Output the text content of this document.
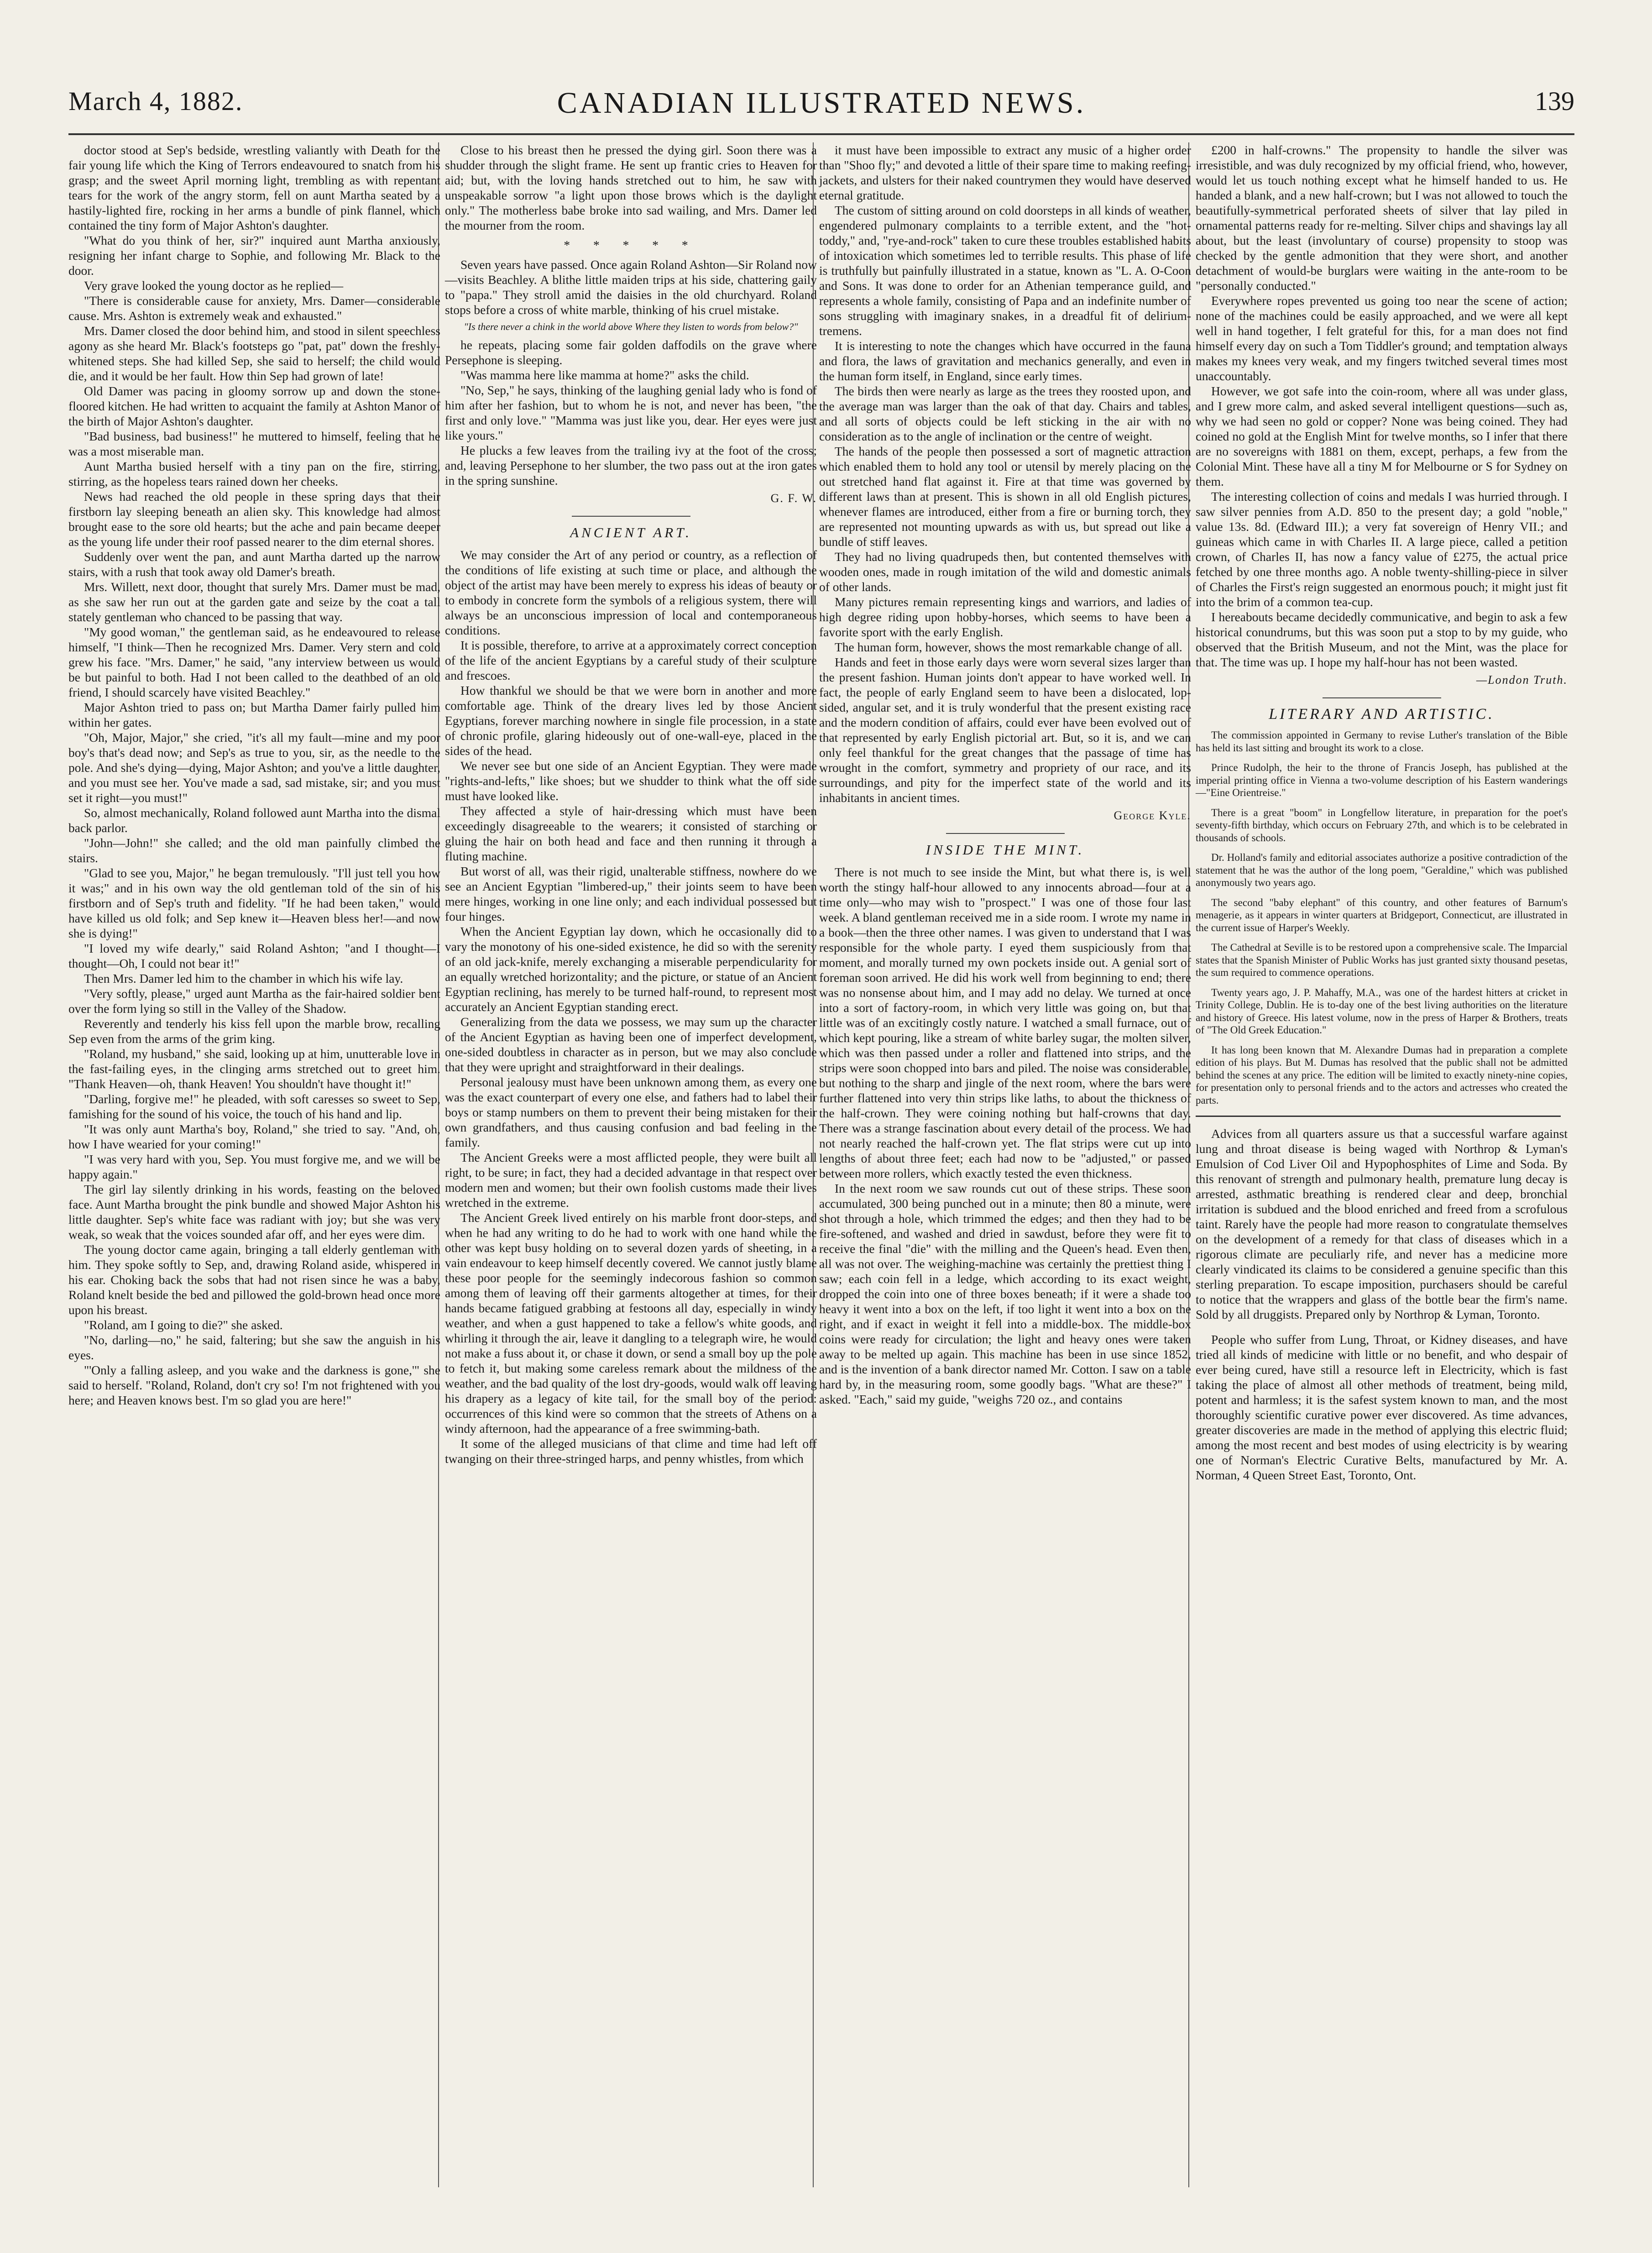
March 4, 1882.	CANADIAN ILLUSTRATED NEWS.	139

doctor stood at Sep's bedside, wrestling valiantly with Death for the fair young life which the King of Terrors endeavoured to snatch from his grasp; and the sweet April morning light, trembling as with repentant tears for the work of the angry storm, fell on aunt Martha seated by a hastily-lighted fire, rocking in her arms a bundle of pink flannel, which contained the tiny form of Major Ashton's daughter.

"What do you think of her, sir?" inquired aunt Martha anxiously, resigning her infant charge to Sophie, and following Mr. Black to the door.

Very grave looked the young doctor as he replied—

"There is considerable cause for anxiety, Mrs. Damer—considerable cause. Mrs. Ashton is extremely weak and exhausted."

Mrs. Damer closed the door behind him, and stood in silent speechless agony as she heard Mr. Black's footsteps go "pat, pat" down the freshly-whitened steps. She had killed Sep, she said to herself; the child would die, and it would be her fault. How thin Sep had grown of late!

Old Damer was pacing in gloomy sorrow up and down the stone-floored kitchen. He had written to acquaint the family at Ashton Manor of the birth of Major Ashton's daughter.

"Bad business, bad business!" he muttered to himself, feeling that he was a most miserable man.

Aunt Martha busied herself with a tiny pan on the fire, stirring, stirring, as the hopeless tears rained down her cheeks.

News had reached the old people in these spring days that their firstborn lay sleeping beneath an alien sky. This knowledge had almost brought ease to the sore old hearts; but the ache and pain became deeper as the young life under their roof passed nearer to the dim eternal shores.

Suddenly over went the pan, and aunt Martha darted up the narrow stairs, with a rush that took away old Damer's breath.

Mrs. Willett, next door, thought that surely Mrs. Damer must be mad, as she saw her run out at the garden gate and seize by the coat a tall stately gentleman who chanced to be passing that way.

"My good woman," the gentleman said, as he endeavoured to release himself, "I think—Then he recognized Mrs. Damer. Very stern and cold grew his face. "Mrs. Damer," he said, "any interview between us would be but painful to both. Had I not been called to the deathbed of an old friend, I should scarcely have visited Beachley."

Major Ashton tried to pass on; but Martha Damer fairly pulled him within her gates.

"Oh, Major, Major," she cried, "it's all my fault—mine and my poor boy's that's dead now; and Sep's as true to you, sir, as the needle to the pole. And she's dying—dying, Major Ashton; and you've a little daughter, and you must see her. You've made a sad, sad mistake, sir; and you must set it right—you must!"

So, almost mechanically, Roland followed aunt Martha into the dismal back parlor.

"John—John!" she called; and the old man painfully climbed the stairs.

"Glad to see you, Major," he began tremulously. "I'll just tell you how it was;" and in his own way the old gentleman told of the sin of his firstborn and of Sep's truth and fidelity. "If he had been taken," would have killed us old folk; and Sep knew it—Heaven bless her!—and now she is dying!"

"I loved my wife dearly," said Roland Ashton; "and I thought—I thought—Oh, I could not bear it!"

Then Mrs. Damer led him to the chamber in which his wife lay.

"Very softly, please," urged aunt Martha as the fair-haired soldier bent over the form lying so still in the Valley of the Shadow.

Reverently and tenderly his kiss fell upon the marble brow, recalling Sep even from the arms of the grim king.

"Roland, my husband," she said, looking up at him, unutterable love in the fast-failing eyes, in the clinging arms stretched out to greet him. "Thank Heaven—oh, thank Heaven! You shouldn't have thought it!"

"Darling, forgive me!" he pleaded, with soft caresses so sweet to Sep, famishing for the sound of his voice, the touch of his hand and lip.

"It was only aunt Martha's boy, Roland," she tried to say. "And, oh, how I have wearied for your coming!"

"I was very hard with you, Sep. You must forgive me, and we will be happy again."

The girl lay silently drinking in his words, feasting on the beloved face. Aunt Martha brought the pink bundle and showed Major Ashton his little daughter. Sep's white face was radiant with joy; but she was very weak, so weak that the voices sounded afar off, and her eyes were dim.

The young doctor came again, bringing a tall elderly gentleman with him. They spoke softly to Sep, and, drawing Roland aside, whispered in his ear. Choking back the sobs that had not risen since he was a baby, Roland knelt beside the bed and pillowed the gold-brown head once more upon his breast.

"Roland, am I going to die?" she asked.

"No, darling—no," he said, faltering; but she saw the anguish in his eyes.

"'Only a falling asleep, and you wake and the darkness is gone,'" she said to herself. "Roland, Roland, don't cry so! I'm not frightened with you here; and Heaven knows best. I'm so glad you are here!"

Close to his breast then he pressed the dying girl. Soon there was a shudder through the slight frame. He sent up frantic cries to Heaven for aid; but, with the loving hands stretched out to him, he saw with unspeakable sorrow "a light upon those brows which is the daylight only." The motherless babe broke into sad wailing, and Mrs. Damer led the mourner from the room.

* * * * *

Seven years have passed. Once again Roland Ashton—Sir Roland now—visits Beachley. A blithe little maiden trips at his side, chattering gaily to "papa." They stroll amid the daisies in the old churchyard. Roland stops before a cross of white marble, thinking of his cruel mistake.

"Is there never a chink in the world above Where they listen to words from below?"

he repeats, placing some fair golden daffodils on the grave where Persephone is sleeping.

"Was mamma here like mamma at home?" asks the child.

"No, Sep," he says, thinking of the laughing genial lady who is fond of him after her fashion, but to whom he is not, and never has been, "the first and only love." "Mamma was just like you, dear. Her eyes were just like yours."

He plucks a few leaves from the trailing ivy at the foot of the cross; and, leaving Persephone to her slumber, the two pass out at the iron gates in the spring sunshine.

G. F. W.
ANCIENT ART.

We may consider the Art of any period or country, as a reflection of the conditions of life existing at such time or place, and although the object of the artist may have been merely to express his ideas of beauty or to embody in concrete form the symbols of a religious system, there will always be an unconscious impression of local and contemporaneous conditions.

It is possible, therefore, to arrive at a approximately correct conception of the life of the ancient Egyptians by a careful study of their sculpture and frescoes.

How thankful we should be that we were born in another and more comfortable age. Think of the dreary lives led by those Ancient Egyptians, forever marching nowhere in single file procession, in a state of chronic profile, glaring hideously out of one-wall-eye, placed in the sides of the head.

We never see but one side of an Ancient Egyptian. They were made "rights-and-lefts," like shoes; but we shudder to think what the off side must have looked like.

They affected a style of hair-dressing which must have been exceedingly disagreeable to the wearers; it consisted of starching or gluing the hair on both head and face and then running it through a fluting machine.

But worst of all, was their rigid, unalterable stiffness, nowhere do we see an Ancient Egyptian "limbered-up," their joints seem to have been mere hinges, working in one line only; and each individual possessed but four hinges.

When the Ancient Egyptian lay down, which he occasionally did to vary the monotony of his one-sided existence, he did so with the serenity of an old jack-knife, merely exchanging a miserable perpendicularity for an equally wretched horizontality; and the picture, or statue of an Ancient Egyptian reclining, has merely to be turned half-round, to represent most accurately an Ancient Egyptian standing erect.

Generalizing from the data we possess, we may sum up the character of the Ancient Egyptian as having been one of imperfect development, one-sided doubtless in character as in person, but we may also conclude that they were upright and straightforward in their dealings.

Personal jealousy must have been unknown among them, as every one was the exact counterpart of every one else, and fathers had to label their boys or stamp numbers on them to prevent their being mistaken for their own grandfathers, and thus causing confusion and bad feeling in the family.

The Ancient Greeks were a most afflicted people, they were built all right, to be sure; in fact, they had a decided advantage in that respect over modern men and women; but their own foolish customs made their lives wretched in the extreme.

The Ancient Greek lived entirely on his marble front door-steps, and when he had any writing to do he had to work with one hand while the other was kept busy holding on to several dozen yards of sheeting, in a vain endeavour to keep himself decently covered. We cannot justly blame these poor people for the seemingly indecorous fashion so common among them of leaving off their garments altogether at times, for their hands became fatigued grabbing at festoons all day, especially in windy weather, and when a gust happened to take a fellow's white goods, and whirling it through the air, leave it dangling to a telegraph wire, he would not make a fuss about it, or chase it down, or send a small boy up the pole to fetch it, but making some careless remark about the mildness of the weather, and the bad quality of the lost dry-goods, would walk off leaving his drapery as a legacy of kite tail, for the small boy of the period: occurrences of this kind were so common that the streets of Athens on a windy afternoon, had the appearance of a free swimming-bath.

It some of the alleged musicians of that clime and time had left off twanging on their three-stringed harps, and penny whistles, from which

it must have been impossible to extract any music of a higher order than "Shoo fly;" and devoted a little of their spare time to making reefing-jackets, and ulsters for their naked countrymen they would have deserved eternal gratitude.

The custom of sitting around on cold doorsteps in all kinds of weather, engendered pulmonary complaints to a terrible extent, and the "hot-toddy," and, "rye-and-rock" taken to cure these troubles established habits of intoxication which sometimes led to terrible results. This phase of life is truthfully but painfully illustrated in a statue, known as "L. A. O-Coon and Sons. It was done to order for an Athenian temperance guild, and represents a whole family, consisting of Papa and an indefinite number of sons struggling with imaginary snakes, in a dreadful fit of delirium-tremens.

It is interesting to note the changes which have occurred in the fauna and flora, the laws of gravitation and mechanics generally, and even in the human form itself, in England, since early times.

The birds then were nearly as large as the trees they roosted upon, and the average man was larger than the oak of that day. Chairs and tables, and all sorts of objects could be left sticking in the air with no consideration as to the angle of inclination or the centre of weight.

The hands of the people then possessed a sort of magnetic attraction which enabled them to hold any tool or utensil by merely placing on the out stretched hand flat against it. Fire at that time was governed by different laws than at present. This is shown in all old English pictures, whenever flames are introduced, either from a fire or burning torch, they are represented not mounting upwards as with us, but spread out like a bundle of stiff leaves.

They had no living quadrupeds then, but contented themselves with wooden ones, made in rough imitation of the wild and domestic animals of other lands.

Many pictures remain representing kings and warriors, and ladies of high degree riding upon hobby-horses, which seems to have been a favorite sport with the early English.

The human form, however, shows the most remarkable change of all.

Hands and feet in those early days were worn several sizes larger than the present fashion. Human joints don't appear to have worked well. In fact, the people of early England seem to have been a dislocated, lop-sided, angular set, and it is truly wonderful that the present existing race and the modern condition of affairs, could ever have been evolved out of that represented by early English pictorial art. But, so it is, and we can only feel thankful for the great changes that the passage of time has wrought in the comfort, symmetry and propriety of our race, and its surroundings, and pity for the imperfect state of the world and its inhabitants in ancient times.

George Kyle.
INSIDE THE MINT.

There is not much to see inside the Mint, but what there is, is well worth the stingy half-hour allowed to any innocents abroad—four at a time only—who may wish to "prospect." I was one of those four last week. A bland gentleman received me in a side room. I wrote my name in a book—then the three other names. I was given to understand that I was responsible for the whole party. I eyed them suspiciously from that moment, and morally turned my own pockets inside out. A genial sort of foreman soon arrived. He did his work well from beginning to end; there was no nonsense about him, and I may add no delay. We turned at once into a sort of factory-room, in which very little was going on, but that little was of an excitingly costly nature. I watched a small furnace, out of which kept pouring, like a stream of white barley sugar, the molten silver, which was then passed under a roller and flattened into strips, and the strips were soon chopped into bars and piled. The noise was considerable, but nothing to the sharp and jingle of the next room, where the bars were further flattened into very thin strips like laths, to about the thickness of the half-crown. They were coining nothing but half-crowns that day. There was a strange fascination about every detail of the process. We had not nearly reached the half-crown yet. The flat strips were cut up into lengths of about three feet; each had now to be "adjusted," or passed between more rollers, which exactly tested the even thickness.

In the next room we saw rounds cut out of these strips. These soon accumulated, 300 being punched out in a minute; then 80 a minute, were shot through a hole, which trimmed the edges; and then they had to be fire-softened, and washed and dried in sawdust, before they were fit to receive the final "die" with the milling and the Queen's head. Even then, all was not over. The weighing-machine was certainly the prettiest thing I saw; each coin fell in a ledge, which according to its exact weight, dropped the coin into one of three boxes beneath; if it were a shade too heavy it went into a box on the left, if too light it went into a box on the right, and if exact in weight it fell into a middle-box. The middle-box coins were ready for circulation; the light and heavy ones were taken away to be melted up again. This machine has been in use since 1852, and is the invention of a bank director named Mr. Cotton. I saw on a table hard by, in the measuring room, some goodly bags. "What are these?" I asked. "Each," said my guide, "weighs 720 oz., and contains

£200 in half-crowns." The propensity to handle the silver was irresistible, and was duly recognized by my official friend, who, however, would let us touch nothing except what he himself handed to us. He handed a blank, and a new half-crown; but I was not allowed to touch the beautifully-symmetrical perforated sheets of silver that lay piled in ornamental patterns ready for re-melting. Silver chips and shavings lay all about, but the least (involuntary of course) propensity to stoop was checked by the gentle admonition that they were short, and another detachment of would-be burglars were waiting in the ante-room to be "personally conducted."

Everywhere ropes prevented us going too near the scene of action; none of the machines could be easily approached, and we were all kept well in hand together, I felt grateful for this, for a man does not find himself every day on such a Tom Tiddler's ground; and temptation always makes my knees very weak, and my fingers twitched several times most unaccountably.

However, we got safe into the coin-room, where all was under glass, and I grew more calm, and asked several intelligent questions—such as, why we had seen no gold or copper? None was being coined. They had coined no gold at the English Mint for twelve months, so I infer that there are no sovereigns with 1881 on them, except, perhaps, a few from the Colonial Mint. These have all a tiny M for Melbourne or S for Sydney on them.

The interesting collection of coins and medals I was hurried through. I saw silver pennies from A.D. 850 to the present day; a gold "noble," value 13s. 8d. (Edward III.); a very fat sovereign of Henry VII.; and guineas which came in with Charles II. A large piece, called a petition crown, of Charles II, has now a fancy value of £275, the actual price fetched by one three months ago. A noble twenty-shilling-piece in silver of Charles the First's reign suggested an enormous pouch; it might just fit into the brim of a common tea-cup.

I hereabouts became decidedly communicative, and begin to ask a few historical conundrums, but this was soon put a stop to by my guide, who observed that the British Museum, and not the Mint, was the place for that. The time was up. I hope my half-hour has not been wasted.

—London Truth.
LITERARY AND ARTISTIC.

The commission appointed in Germany to revise Luther's translation of the Bible has held its last sitting and brought its work to a close.

Prince Rudolph, the heir to the throne of Francis Joseph, has published at the imperial printing office in Vienna a two-volume description of his Eastern wanderings—"Eine Orientreise."

There is a great "boom" in Longfellow literature, in preparation for the poet's seventy-fifth birthday, which occurs on February 27th, and which is to be celebrated in thousands of schools.

Dr. Holland's family and editorial associates authorize a positive contradiction of the statement that he was the author of the long poem, "Geraldine," which was published anonymously two years ago.

The second "baby elephant" of this country, and other features of Barnum's menagerie, as it appears in winter quarters at Bridgeport, Connecticut, are illustrated in the current issue of Harper's Weekly.

The Cathedral at Seville is to be restored upon a comprehensive scale. The Imparcial states that the Spanish Minister of Public Works has just granted sixty thousand pesetas, the sum required to commence operations.

Twenty years ago, J. P. Mahaffy, M.A., was one of the hardest hitters at cricket in Trinity College, Dublin. He is to-day one of the best living authorities on the literature and history of Greece. His latest volume, now in the press of Harper & Brothers, treats of "The Old Greek Education."

It has long been known that M. Alexandre Dumas had in preparation a complete edition of his plays. But M. Dumas has resolved that the public shall not be admitted behind the scenes at any price. The edition will be limited to exactly ninety-nine copies, for presentation only to personal friends and to the actors and actresses who created the parts.

Advices from all quarters assure us that a successful warfare against lung and throat disease is being waged with Northrop & Lyman's Emulsion of Cod Liver Oil and Hypophosphites of Lime and Soda. By this renovant of strength and pulmonary health, premature lung decay is arrested, asthmatic breathing is rendered clear and deep, bronchial irritation is subdued and the blood enriched and freed from a scrofulous taint. Rarely have the people had more reason to congratulate themselves on the development of a remedy for that class of diseases which in a rigorous climate are peculiarly rife, and never has a medicine more clearly vindicated its claims to be considered a genuine specific than this sterling preparation. To escape imposition, purchasers should be careful to notice that the wrappers and glass of the bottle bear the firm's name. Sold by all druggists. Prepared only by Northrop & Lyman, Toronto.

People who suffer from Lung, Throat, or Kidney diseases, and have tried all kinds of medicine with little or no benefit, and who despair of ever being cured, have still a resource left in Electricity, which is fast taking the place of almost all other methods of treatment, being mild, potent and harmless; it is the safest system known to man, and the most thoroughly scientific curative power ever discovered. As time advances, greater discoveries are made in the method of applying this electric fluid; among the most recent and best modes of using electricity is by wearing one of Norman's Electric Curative Belts, manufactured by Mr. A. Norman, 4 Queen Street East, Toronto, Ont.
